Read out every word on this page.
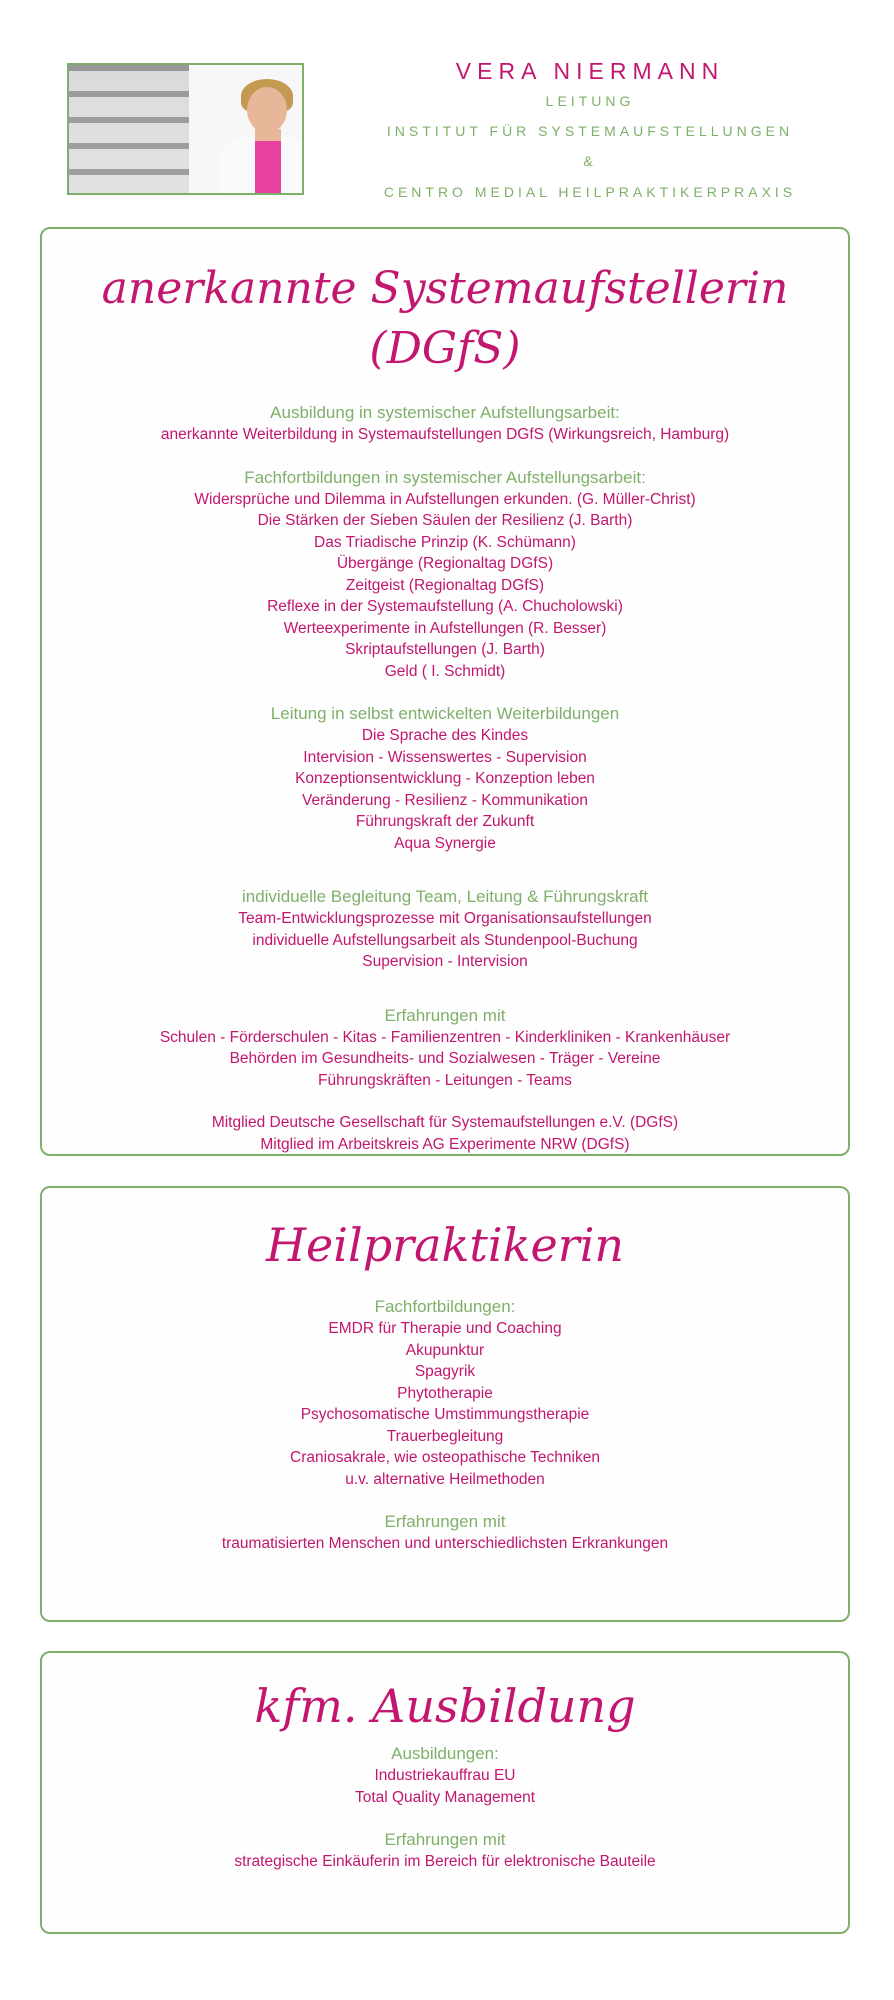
VERA NIERMANN
LEITUNG
INSTITUT FÜR SYSTEMAUFSTELLUNGEN
&
CENTRO MEDIAL HEILPRAKTIKERPRAXIS
anerkannte Systemaufstellerin (DGfS)
Ausbildung in systemischer Aufstellungsarbeit:
anerkannte Weiterbildung in Systemaufstellungen DGfS (Wirkungsreich, Hamburg)
Fachfortbildungen in systemischer Aufstellungsarbeit:
Widersprüche und Dilemma in Aufstellungen erkunden. (G. Müller-Christ)
Die Stärken der Sieben Säulen der Resilienz (J. Barth)
Das Triadische Prinzip (K. Schümann)
Übergänge (Regionaltag DGfS)
Zeitgeist (Regionaltag DGfS)
Reflexe in der Systemaufstellung (A. Chucholowski)
Werteexperimente in Aufstellungen (R. Besser)
Skriptaufstellungen (J. Barth)
Geld ( I. Schmidt)
Leitung in selbst entwickelten Weiterbildungen
Die Sprache des Kindes
Intervision - Wissenswertes - Supervision
Konzeptionsentwicklung - Konzeption leben
Veränderung - Resilienz - Kommunikation
Führungskraft der Zukunft
Aqua Synergie
individuelle Begleitung Team, Leitung & Führungskraft
Team-Entwicklungsprozesse mit Organisationsaufstellungen
individuelle Aufstellungsarbeit als Stundenpool-Buchung
Supervision - Intervision
Erfahrungen mit
Schulen - Förderschulen - Kitas - Familienzentren - Kinderkliniken - Krankenhäuser
Behörden im Gesundheits- und Sozialwesen - Träger - Vereine
Führungskräften - Leitungen - Teams
Mitglied Deutsche Gesellschaft für Systemaufstellungen e.V. (DGfS)
Mitglied im Arbeitskreis AG Experimente NRW (DGfS)
Heilpraktikerin
Fachfortbildungen:
EMDR für Therapie und Coaching
Akupunktur
Spagyrik
Phytotherapie
Psychosomatische Umstimmungstherapie
Trauerbegleitung
Craniosakrale, wie osteopathische Techniken
u.v. alternative Heilmethoden
Erfahrungen mit
traumatisierten Menschen und unterschiedlichsten Erkrankungen
kfm. Ausbildung
Ausbildungen:
Industriekauffrau EU
Total Quality Management
Erfahrungen mit
strategische Einkäuferin im Bereich für elektronische Bauteile
